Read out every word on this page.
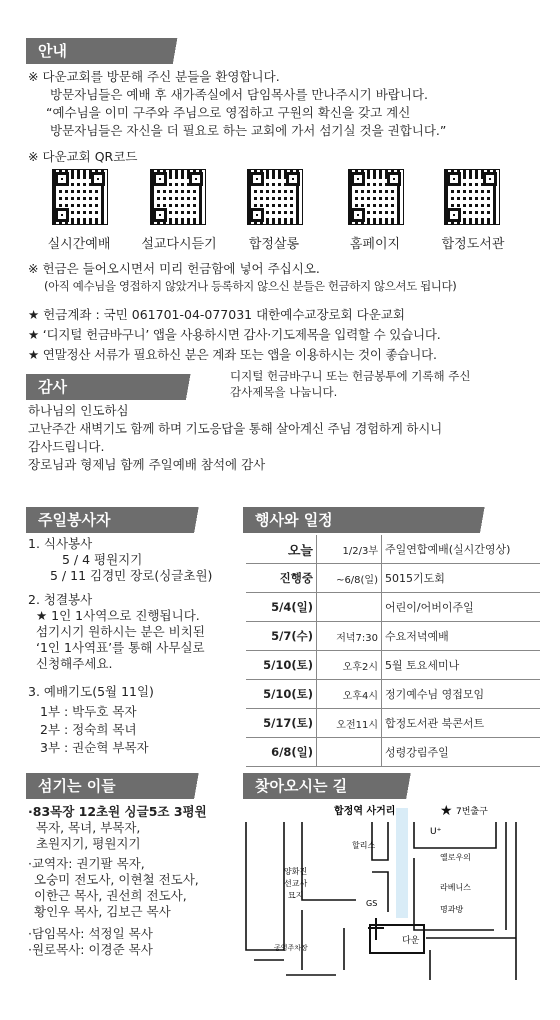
안내
※ 다운교회를 방문해 주신 분들을 환영합니다.
방문자님들은 예배 후 새가족실에서 담임목사를 만나주시기 바랍니다.
“예수님을 이미 구주와 주님으로 영접하고 구원의 확신을 갖고 계신
방문자님들은 자신을 더 필요로 하는 교회에 가서 섬기실 것을 권합니다.”
※ 다운교회 QR코드
실시간예배	설교다시듣기	합정살롱	홈페이지	합정도서관
※ 헌금은 들어오시면서 미리 헌금함에 넣어 주십시오.
(아직 예수님을 영접하지 않았거나 등록하지 않으신 분들은 헌금하지 않으셔도 됩니다)
★ 헌금계좌 : 국민 061701-04-077031 대한예수교장로회 다운교회
★ ‘디지털 헌금바구니’ 앱을 사용하시면 감사·기도제목을 입력할 수 있습니다.
★ 연말정산 서류가 필요하신 분은 계좌 또는 앱을 이용하시는 것이 좋습니다.
감사
디지털 헌금바구니 또는 헌금봉투에 기록해 주신
감사제목을 나눕니다.
하나님의 인도하심
고난주간 새벽기도 함께 하며 기도응답을 통해 살아계신 주님 경험하게 하시니
감사드립니다.
장로님과 형제님 함께 주일예배 참석에 감사
주일봉사자
1. 식사봉사
5 / 4 평원지기
5 / 11 김경민 장로(싱글초원)
2. 청결봉사
★ 1인 1사역으로 진행됩니다.
섬기시기 원하시는 분은 비치된
‘1인 1사역표’를 통해 사무실로
신청해주세요.
3. 예배기도(5월 11일)
1부 : 박두호 목자
2부 : 정숙희 목녀
3부 : 권순혁 부목자
행사와 일정
오늘	1/2/3부	주일연합예배(실시간영상)
진행중	~6/8(일)	5015기도회
5/4(일)		어린이/어버이주일
5/7(수)	저녁7:30	수요저녁예배
5/10(토)	오후2시	5월 토요세미나
5/10(토)	오후4시	정기예수님 영접모임
5/17(토)	오전11시	합정도서관 북콘서트
6/8(일)		성령강림주일
섬기는 이들
·83목장 12초원 싱글5조 3평원
목자, 목녀, 부목자,
초원지기, 평원지기
·교역자: 권기팔 목자,
오숭미 전도사, 이현철 전도사,
이한근 목사, 권선희 전도사,
황인우 목사, 김보근 목사
·담임목사: 석정일 목사
·원로목사: 이경준 목사
찾아오시는 길
합정역 사거리	7번출구
★
U⁺
할리스
양화진
선교사
묘지
옐로우의
라베니스
명과방
GS
공영주차장
다운
